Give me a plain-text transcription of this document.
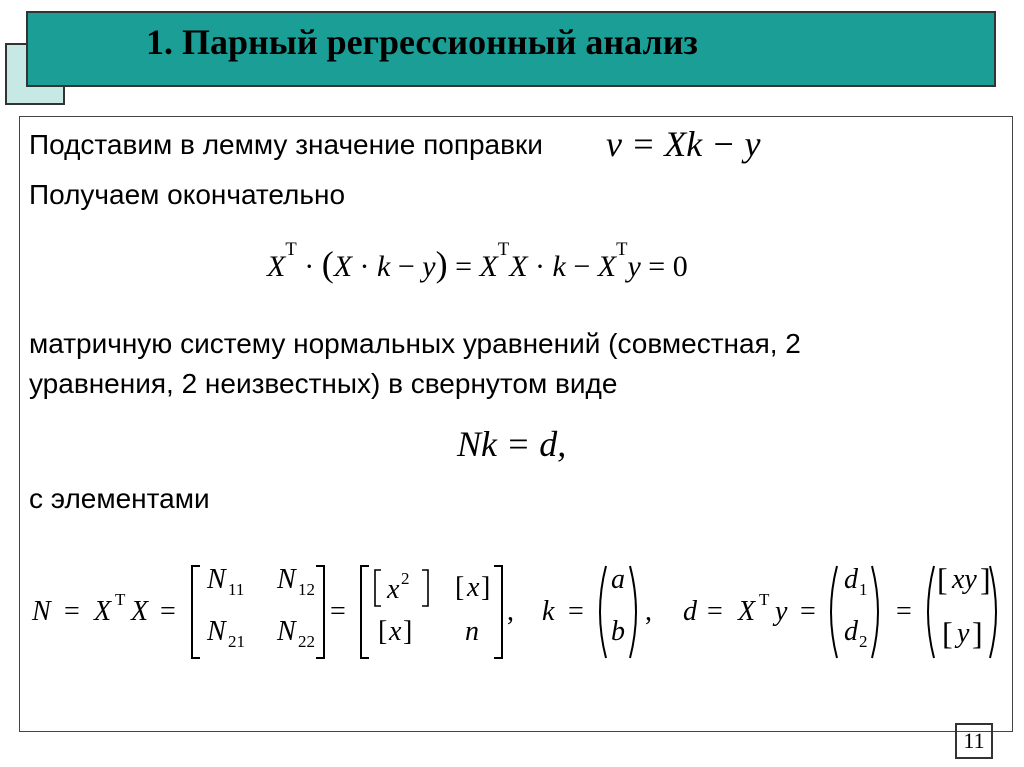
1. Парный регрессионный анализ
Подставим в лемму значение поправки v = Xk − y
Получаем окончательно
$X^T \cdot (X \cdot k - y) = X^TX \cdot k - X^Ty = 0$
матричную систему нормальных уравнений (совместная, 2
уравнения, 2 неизвестных) в свернутом виде
Nk = d,
с элементами
N = X T X =
N 11 N 12
N 21 N 22
=
x 2 [ x ]
[ x ] n
, k =
a
b
, d = X T y =
d 1
d 2
=
[ xy ]
[ y ]
11
